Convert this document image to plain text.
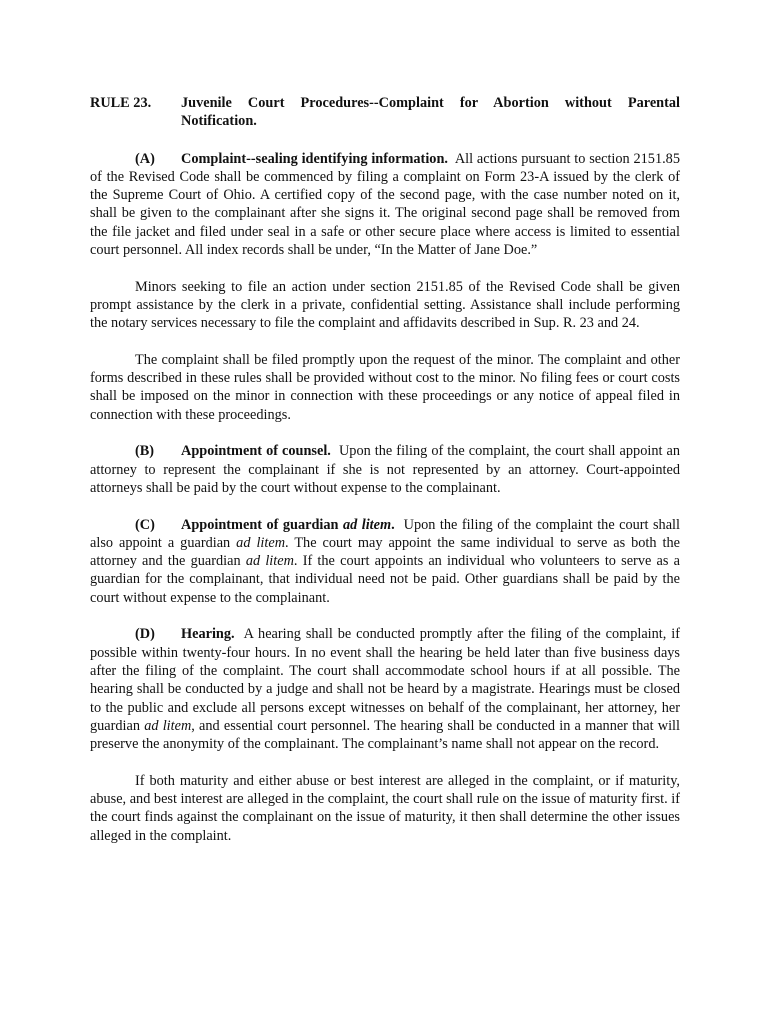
RULE 23.	Juvenile Court Procedures--Complaint for Abortion without Parental Notification.

(A) Complaint--sealing identifying information. All actions pursuant to section 2151.85 of the Revised Code shall be commenced by filing a complaint on Form 23-A issued by the clerk of the Supreme Court of Ohio. A certified copy of the second page, with the case number noted on it, shall be given to the complainant after she signs it. The original second page shall be removed from the file jacket and filed under seal in a safe or other secure place where access is limited to essential court personnel. All index records shall be under, “In the Matter of Jane Doe.”

Minors seeking to file an action under section 2151.85 of the Revised Code shall be given prompt assistance by the clerk in a private, confidential setting. Assistance shall include performing the notary services necessary to file the complaint and affidavits described in Sup. R. 23 and 24.

The complaint shall be filed promptly upon the request of the minor. The complaint and other forms described in these rules shall be provided without cost to the minor. No filing fees or court costs shall be imposed on the minor in connection with these proceedings or any notice of appeal filed in connection with these proceedings.

(B) Appointment of counsel. Upon the filing of the complaint, the court shall appoint an attorney to represent the complainant if she is not represented by an attorney. Court-appointed attorneys shall be paid by the court without expense to the complainant.

(C) Appointment of guardian ad litem. Upon the filing of the complaint the court shall also appoint a guardian ad litem. The court may appoint the same individual to serve as both the attorney and the guardian ad litem. If the court appoints an individual who volunteers to serve as a guardian for the complainant, that individual need not be paid. Other guardians shall be paid by the court without expense to the complainant.

(D) Hearing. A hearing shall be conducted promptly after the filing of the complaint, if possible within twenty-four hours. In no event shall the hearing be held later than five business days after the filing of the complaint. The court shall accommodate school hours if at all possible. The hearing shall be conducted by a judge and shall not be heard by a magistrate. Hearings must be closed to the public and exclude all persons except witnesses on behalf of the complainant, her attorney, her guardian ad litem, and essential court personnel. The hearing shall be conducted in a manner that will preserve the anonymity of the complainant. The complainant’s name shall not appear on the record.

If both maturity and either abuse or best interest are alleged in the complaint, or if maturity, abuse, and best interest are alleged in the complaint, the court shall rule on the issue of maturity first. if the court finds against the complainant on the issue of maturity, it then shall determine the other issues alleged in the complaint.
